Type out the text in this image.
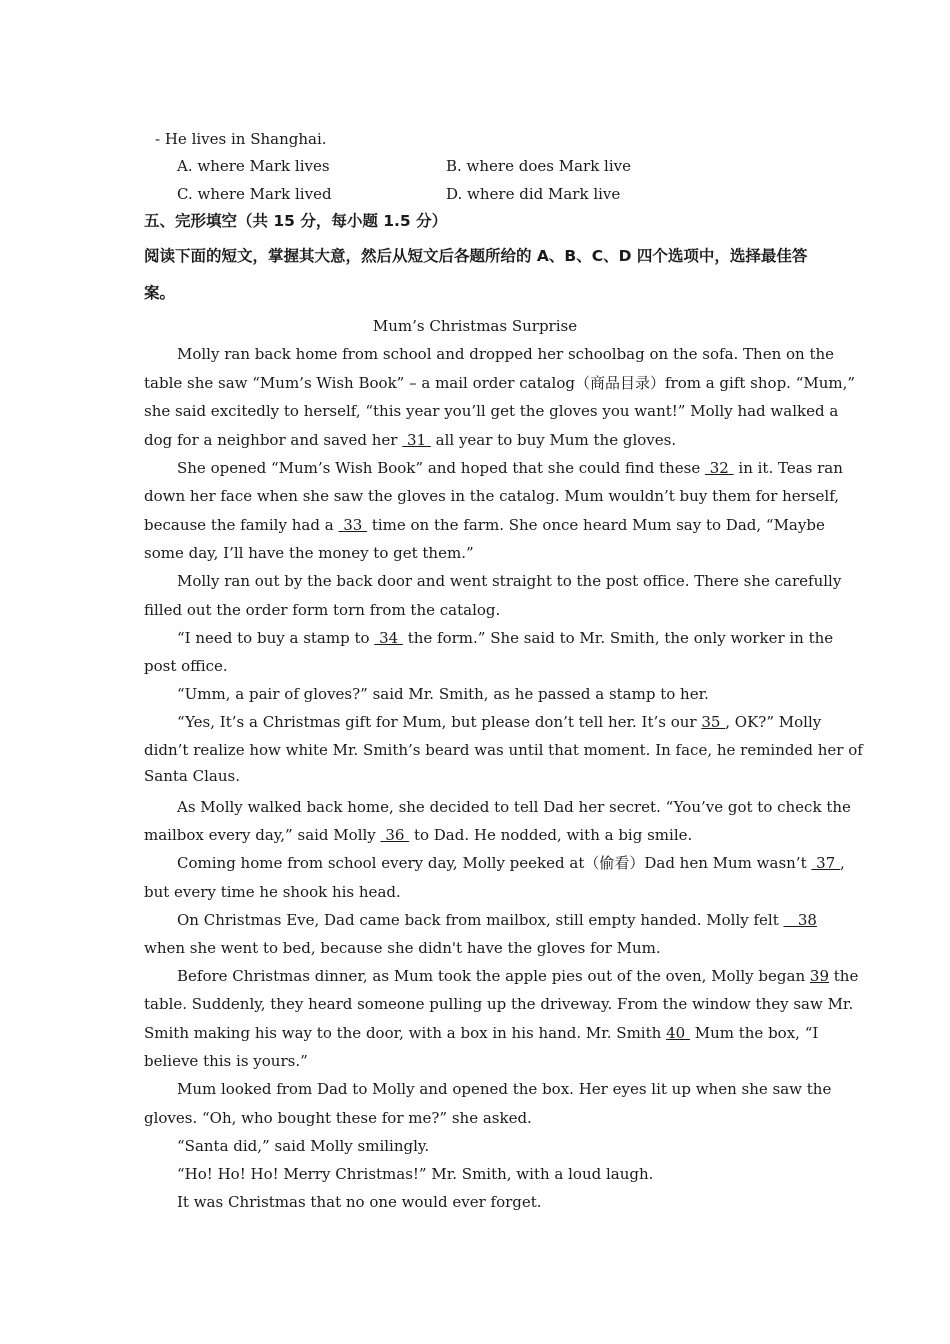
- He lives in Shanghai.
A. where Mark lives	B. where does Mark live
C. where Mark lived	D. where did Mark live
五、完形填空（共 15 分，每小题 1.5 分）
阅读下面的短文，掌握其大意，然后从短文后各题所给的 A、B、C、D 四个选项中，选择最佳答
案。
Mum’s Christmas Surprise
Molly ran back home from school and dropped her schoolbag on the sofa. Then on the
table she saw “Mum’s Wish Book” – a mail order catalog（商品目录）from a gift shop. “Mum,”
she said excitedly to herself, “this year you’ll get the gloves you want!” Molly had walked a
dog for a neighbor and saved her  31  all year to buy Mum the gloves.
She opened “Mum’s Wish Book” and hoped that she could find these  32  in it. Teas ran
down her face when she saw the gloves in the catalog. Mum wouldn’t buy them for herself,
because the family had a  33  time on the farm. She once heard Mum say to Dad, “Maybe
some day, I’ll have the money to get them.”
Molly ran out by the back door and went straight to the post office. There she carefully
filled out the order form torn from the catalog.
“I need to buy a stamp to  34  the form.” She said to Mr. Smith, the only worker in the
post office.
“Umm, a pair of gloves?” said Mr. Smith, as he passed a stamp to her.
“Yes, It’s a Christmas gift for Mum, but please don’t tell her. It’s our 35 , OK?” Molly
didn’t realize how white Mr. Smith’s beard was until that moment. In face, he reminded her of
Santa Claus.
As Molly walked back home, she decided to tell Dad her secret. “You’ve got to check the
mailbox every day,” said Molly  36  to Dad. He nodded, with a big smile.
Coming home from school every day, Molly peeked at（偷看）Dad hen Mum wasn’t  37 ,
but every time he shook his head.
On Christmas Eve, Dad came back from mailbox, still empty handed. Molly felt    38
when she went to bed, because she didn't have the gloves for Mum.
Before Christmas dinner, as Mum took the apple pies out of the oven, Molly began 39 the
table. Suddenly, they heard someone pulling up the driveway. From the window they saw Mr.
Smith making his way to the door, with a box in his hand. Mr. Smith 40  Mum the box, “I
believe this is yours.”
Mum looked from Dad to Molly and opened the box. Her eyes lit up when she saw the
gloves. “Oh, who bought these for me?” she asked.
“Santa did,” said Molly smilingly.
“Ho! Ho! Ho! Merry Christmas!” Mr. Smith, with a loud laugh.
It was Christmas that no one would ever forget.
